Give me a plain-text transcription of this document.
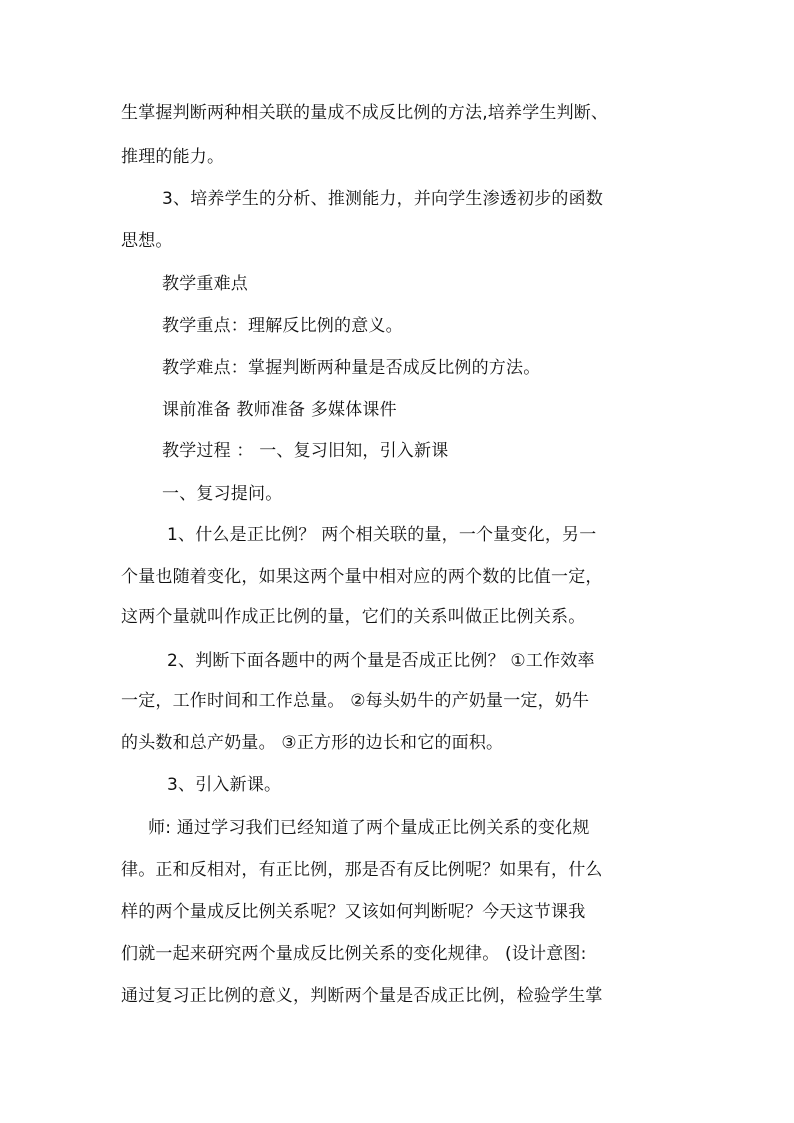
生掌握判断两种相关联的量成不成反比例的方法,培养学生判断、
推理的能力。
3、培养学生的分析、推测能力，并向学生渗透初步的函数
思想。
教学重难点
教学重点：理解反比例的意义。
教学难点：掌握判断两种量是否成反比例的方法。
课前准备 教师准备 多媒体课件
教学过程 ： 一、复习旧知，引入新课
一、复习提问。
1、什么是正比例？ 两个相关联的量，一个量变化，另一
个量也随着变化，如果这两个量中相对应的两个数的比值一定，
这两个量就叫作成正比例的量，它们的关系叫做正比例关系。
2、判断下面各题中的两个量是否成正比例？ ①工作效率
一定，工作时间和工作总量。 ②每头奶牛的产奶量一定，奶牛
的头数和总产奶量。 ③正方形的边长和它的面积。
3、引入新课。
师: 通过学习我们已经知道了两个量成正比例关系的变化规
律。正和反相对，有正比例，那是否有反比例呢？如果有，什么
样的两个量成反比例关系呢？又该如何判断呢？今天这节课我
们就一起来研究两个量成反比例关系的变化规律。 (设计意图:
通过复习正比例的意义，判断两个量是否成正比例，检验学生掌
